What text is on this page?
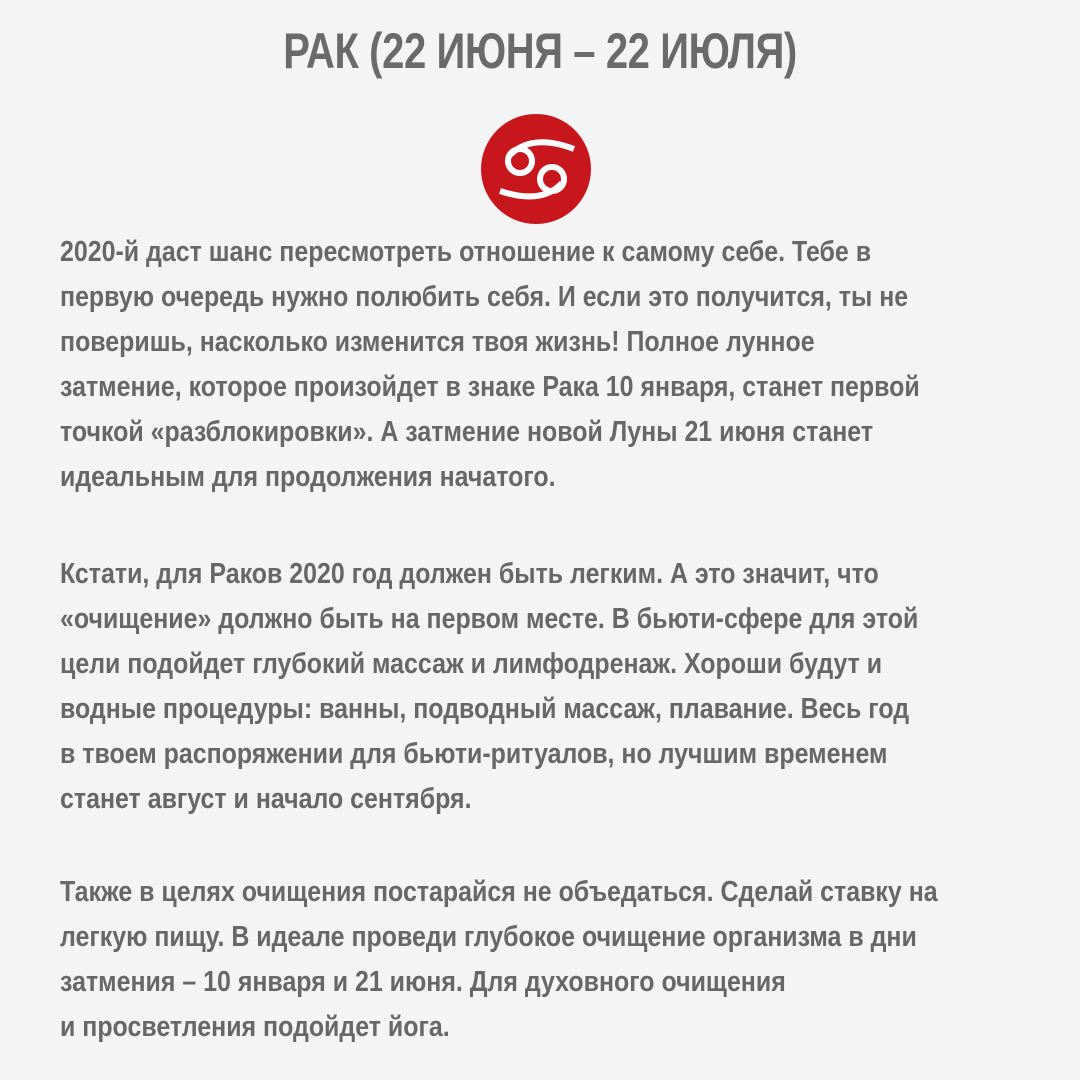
РАК (22 ИЮНЯ – 22 ИЮЛЯ)
2020-й даст шанс пересмотреть отношение к самому себе. Тебе в
первую очередь нужно полюбить себя. И если это получится, ты не
поверишь, насколько изменится твоя жизнь! Полное лунное
затмение, которое произойдет в знаке Рака 10 января, станет первой
точкой «разблокировки». А затмение новой Луны 21 июня станет
идеальным для продолжения начатого.
Кстати, для Раков 2020 год должен быть легким. А это значит, что
«очищение» должно быть на первом месте. В бьюти-сфере для этой
цели подойдет глубокий массаж и лимфодренаж. Хороши будут и
водные процедуры: ванны, подводный массаж, плавание. Весь год
в твоем распоряжении для бьюти-ритуалов, но лучшим временем
станет август и начало сентября.
Также в целях очищения постарайся не объедаться. Сделай ставку на
легкую пищу. В идеале проведи глубокое очищение организма в дни
затмения – 10 января и 21 июня. Для духовного очищения
и просветления подойдет йога.
